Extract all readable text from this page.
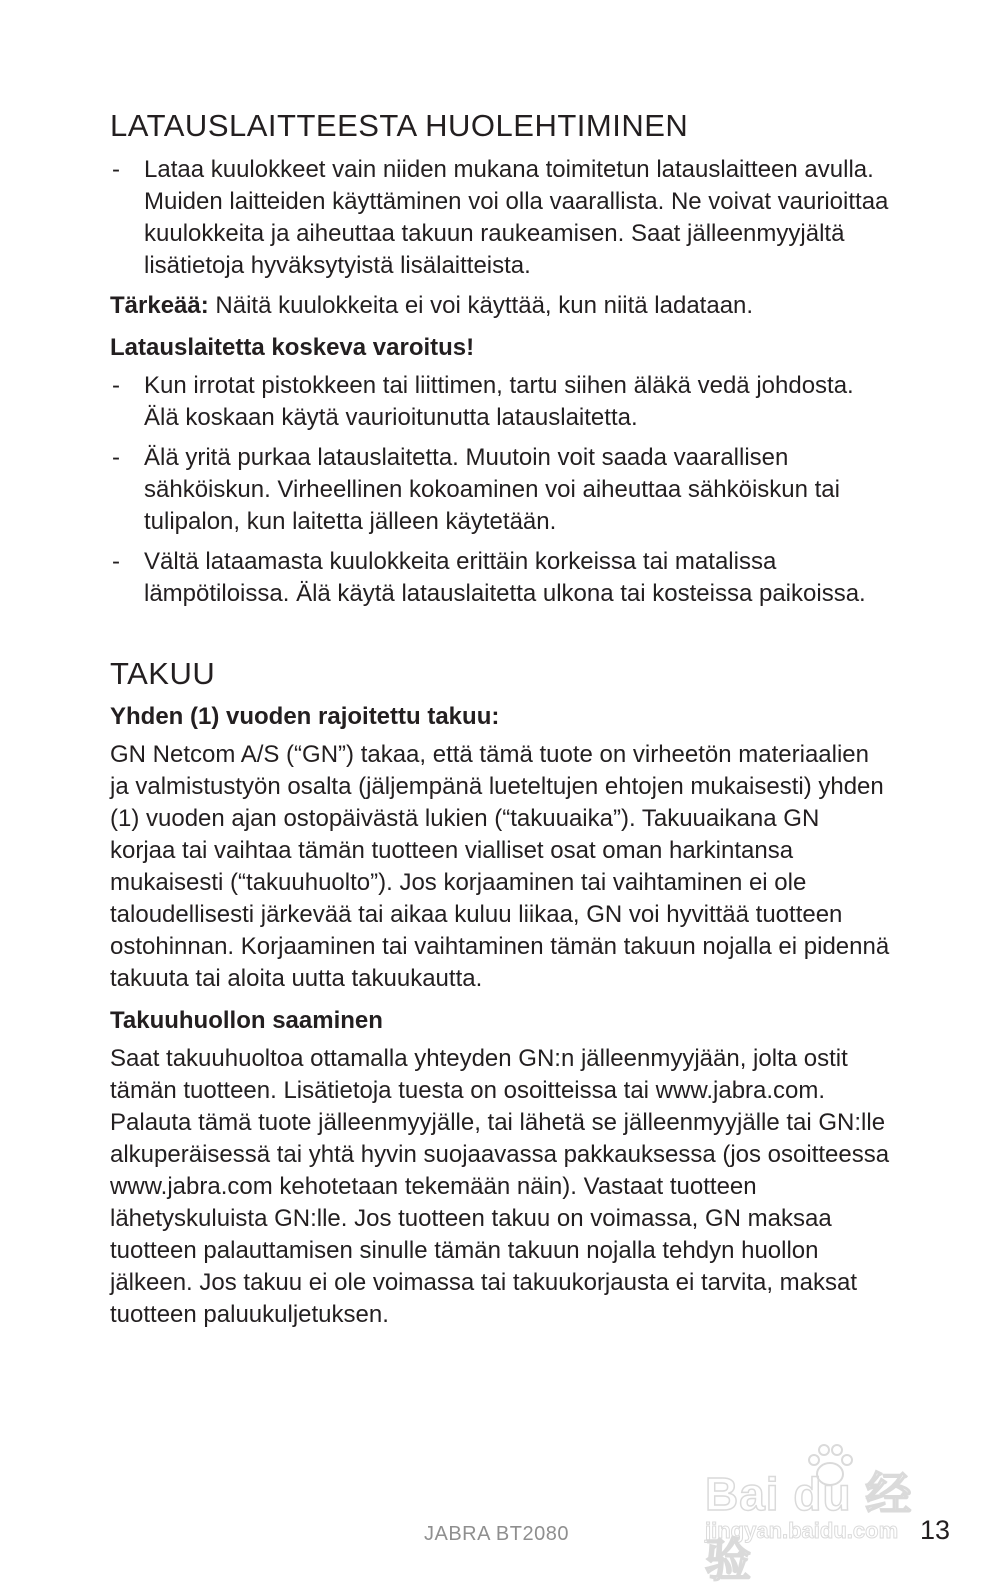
LATAUSLAITTEESTA HUOLEHTIMINEN
- Lataa kuulokkeet vain niiden mukana toimitetun latauslaitteen avulla. Muiden laitteiden käyttäminen voi olla vaarallista. Ne voivat vaurioittaa kuulokkeita ja aiheuttaa takuun raukeamisen. Saat jälleenmyyjältä lisätietoja hyväksytyistä lisälaitteista.

Tärkeää: Näitä kuulokkeita ei voi käyttää, kun niitä ladataan.

Latauslaitetta koskeva varoitus!

- Kun irrotat pistokkeen tai liittimen, tartu siihen äläkä vedä johdosta. Älä koskaan käytä vaurioitunutta latauslaitetta.
- Älä yritä purkaa latauslaitetta. Muutoin voit saada vaarallisen sähköiskun. Virheellinen kokoaminen voi aiheuttaa sähköiskun tai tulipalon, kun laitetta jälleen käytetään.
- Vältä lataamasta kuulokkeita erittäin korkeissa tai matalissa lämpötiloissa. Älä käytä latauslaitetta ulkona tai kosteissa paikoissa.
TAKUU

Yhden (1) vuoden rajoitettu takuu:

GN Netcom A/S (“GN”) takaa, että tämä tuote on virheetön materiaalien ja valmistustyön osalta (jäljempänä lueteltujen ehtojen mukaisesti) yhden (1) vuoden ajan ostopäivästä lukien (“takuuaika”). Takuuaikana GN korjaa tai vaihtaa tämän tuotteen vialliset osat oman harkintansa mukaisesti (“takuuhuolto”). Jos korjaaminen tai vaihtaminen ei ole taloudellisesti järkevää tai aikaa kuluu liikaa, GN voi hyvittää tuotteen ostohinnan. Korjaaminen tai vaihtaminen tämän takuun nojalla ei pidennä takuuta tai aloita uutta takuukautta.

Takuuhuollon saaminen

Saat takuuhuoltoa ottamalla yhteyden GN:n jälleenmyyjään, jolta ostit tämän tuotteen. Lisätietoja tuesta on osoitteissa tai www.jabra.com. Palauta tämä tuote jälleenmyyjälle, tai lähetä se jälleenmyyjälle tai GN:lle alkuperäisessä tai yhtä hyvin suojaavassa pakkauksessa (jos osoitteessa www.jabra.com kehotetaan tekemään näin). Vastaat tuotteen lähetyskuluista GN:lle. Jos tuotteen takuu on voimassa, GN maksaa tuotteen palauttamisen sinulle tämän takuun nojalla tehdyn huollon jälkeen. Jos takuu ei ole voimassa tai takuukorjausta ei tarvita, maksat tuotteen paluukuljetuksen.

JABRA BT2080
Bai du 经验
jingyan.baidu.com 13
